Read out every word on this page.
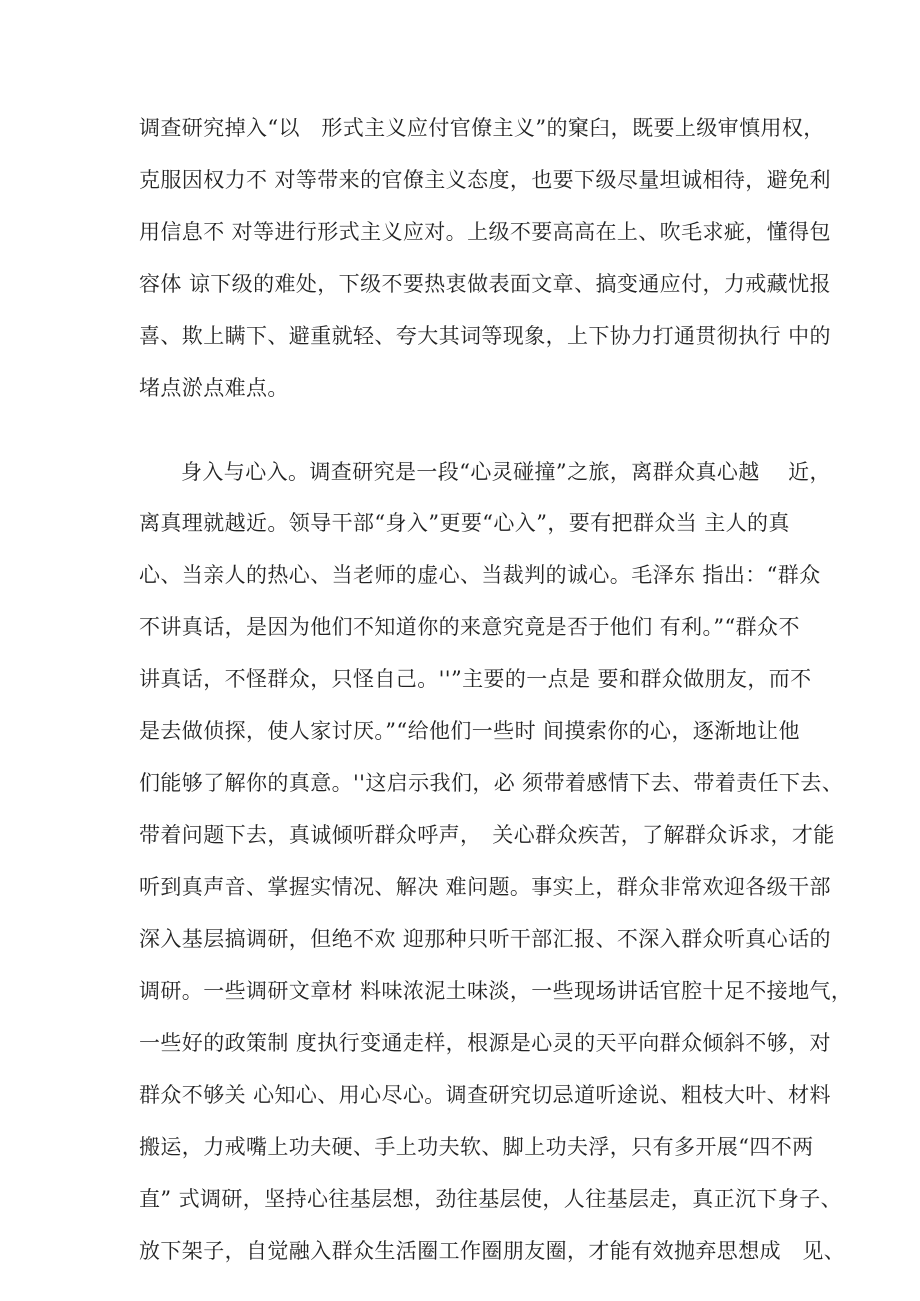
调查研究掉入“以　形式主义应付官僚主义”的窠臼，既要上级审慎用权，
克服因权力不 对等带来的官僚主义态度，也要下级尽量坦诚相待，避免利
用信息不 对等进行形式主义应对。上级不要高高在上、吹毛求疵，懂得包
容体 谅下级的难处，下级不要热衷做表面文章、搞变通应付，力戒藏忧报
喜、欺上瞒下、避重就轻、夸大其词等现象，上下协力打通贯彻执行 中的
堵点淤点难点。
身入与心入。调查研究是一段“心灵碰撞”之旅，离群众真心越　 近，
离真理就越近。领导干部“身入”更要“心入”，要有把群众当 主人的真
心、当亲人的热心、当老师的虚心、当裁判的诚心。毛泽东 指出：“群众
不讲真话，是因为他们不知道你的来意究竟是否于他们 有利。”“群众不
讲真话，不怪群众，只怪自己。''”主要的一点是 要和群众做朋友，而不
是去做侦探，使人家讨厌。”“给他们一些时 间摸索你的心，逐渐地让他
们能够了解你的真意。''这启示我们，必 须带着感情下去、带着责任下去、
带着问题下去，真诚倾听群众呼声，　关心群众疾苦，了解群众诉求，才能
听到真声音、掌握实情况、解决 难问题。事实上，群众非常欢迎各级干部
深入基层搞调研，但绝不欢 迎那种只听干部汇报、不深入群众听真心话的
调研。一些调研文章材 料味浓泥土味淡，一些现场讲话官腔十足不接地气，
一些好的政策制 度执行变通走样，根源是心灵的天平向群众倾斜不够，对
群众不够关 心知心、用心尽心。调查研究切忌道听途说、粗枝大叶、材料
搬运，力戒嘴上功夫硬、手上功夫软、脚上功夫浮，只有多开展“四不两
直” 式调研，坚持心往基层想，劲往基层使，人往基层走，真正沉下身子、
放下架子，自觉融入群众生活圈工作圈朋友圈，才能有效抛弃思想成　见、
